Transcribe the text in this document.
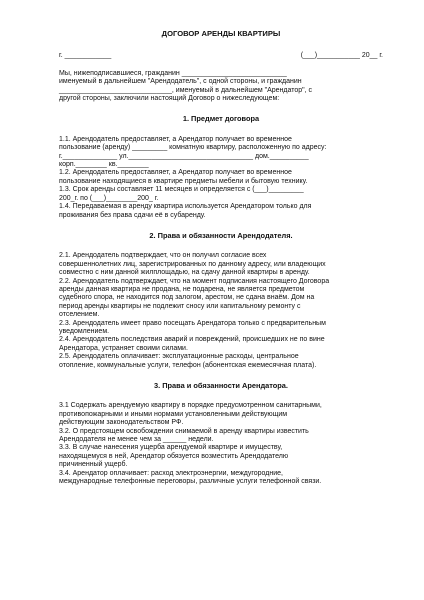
ДОГОВОР АРЕНДЫ КВАРТИРЫ
г. ____________	(___)___________ 20__ г.

Мы, нижеподписавшиеся, гражданин ___________________________

именуемый в дальнейшем "Арендодатель", с одной стороны, и гражданин

_____________________________, именуемый в дальнейшем "Арендатор", с

другой стороны, заключили настоящий Договор о нижеследующем:

1. Предмет договора

1.1. Арендодатель предоставляет, а Арендатор получает во временное

пользование (аренду) _________ комнатную квартиру, расположенную по адресу:

г.______________ ул.________________________________ дом.__________

корп.________ кв.________

1.2. Арендодатель предоставляет, а Арендатор получает во временное

пользование находящиеся в квартире предметы мебели и бытовую технику.

1.3. Срок аренды составляет 11 месяцев и определяется с (___)_________

200_г. по (___)________200_ г.

1.4. Передаваемая в аренду квартира используется Арендатором только для

проживания без права сдачи её в субаренду.

2. Права и обязанности Арендодателя.

2.1. Арендодатель подтверждает, что он получил согласие всех

совершеннолетних лиц, зарегистрированных по данному адресу, или владеющих

совместно с ним данной жилплощадью, на сдачу данной квартиры в аренду.

2.2. Арендодатель подтверждает, что на момент подписания настоящего Договора

аренды данная квартира не продана, не подарена, не является предметом

судебного спора, не находится под залогом, арестом, не сдана внаём. Дом на

период аренды квартиры не подлежит сносу или капитальному ремонту с

отселением.

2.3. Арендодатель имеет право посещать Арендатора только с предварительным

уведомлением.

2.4. Арендодатель последствия аварий и повреждений, происшедших не по вине

Арендатора, устраняет своими силами.

2.5. Арендодатель оплачивает: эксплуатационные расходы, центральное

отопление, коммунальные услуги, телефон (абонентская ежемесячная плата).

3. Права и обязанности Арендатора.

3.1 Содержать арендуемую квартиру в порядке предусмотренном санитарными,

противопожарными и иными нормами установленными действующим

действующим законодательством РФ.

3.2. О предстоящем освобождении снимаемой в аренду квартиры известить

Арендодателя не менее чем за ______ недели.

3.3. В случае нанесения ущерба арендуемой квартире и имуществу,

находящемуся в ней, Арендатор обязуется возместить Арендодателю

причиненный ущерб.

3.4. Арендатор оплачивает: расход электроэнергии, междугородние,

международные телефонные переговоры, различные услуги телефонной связи.
